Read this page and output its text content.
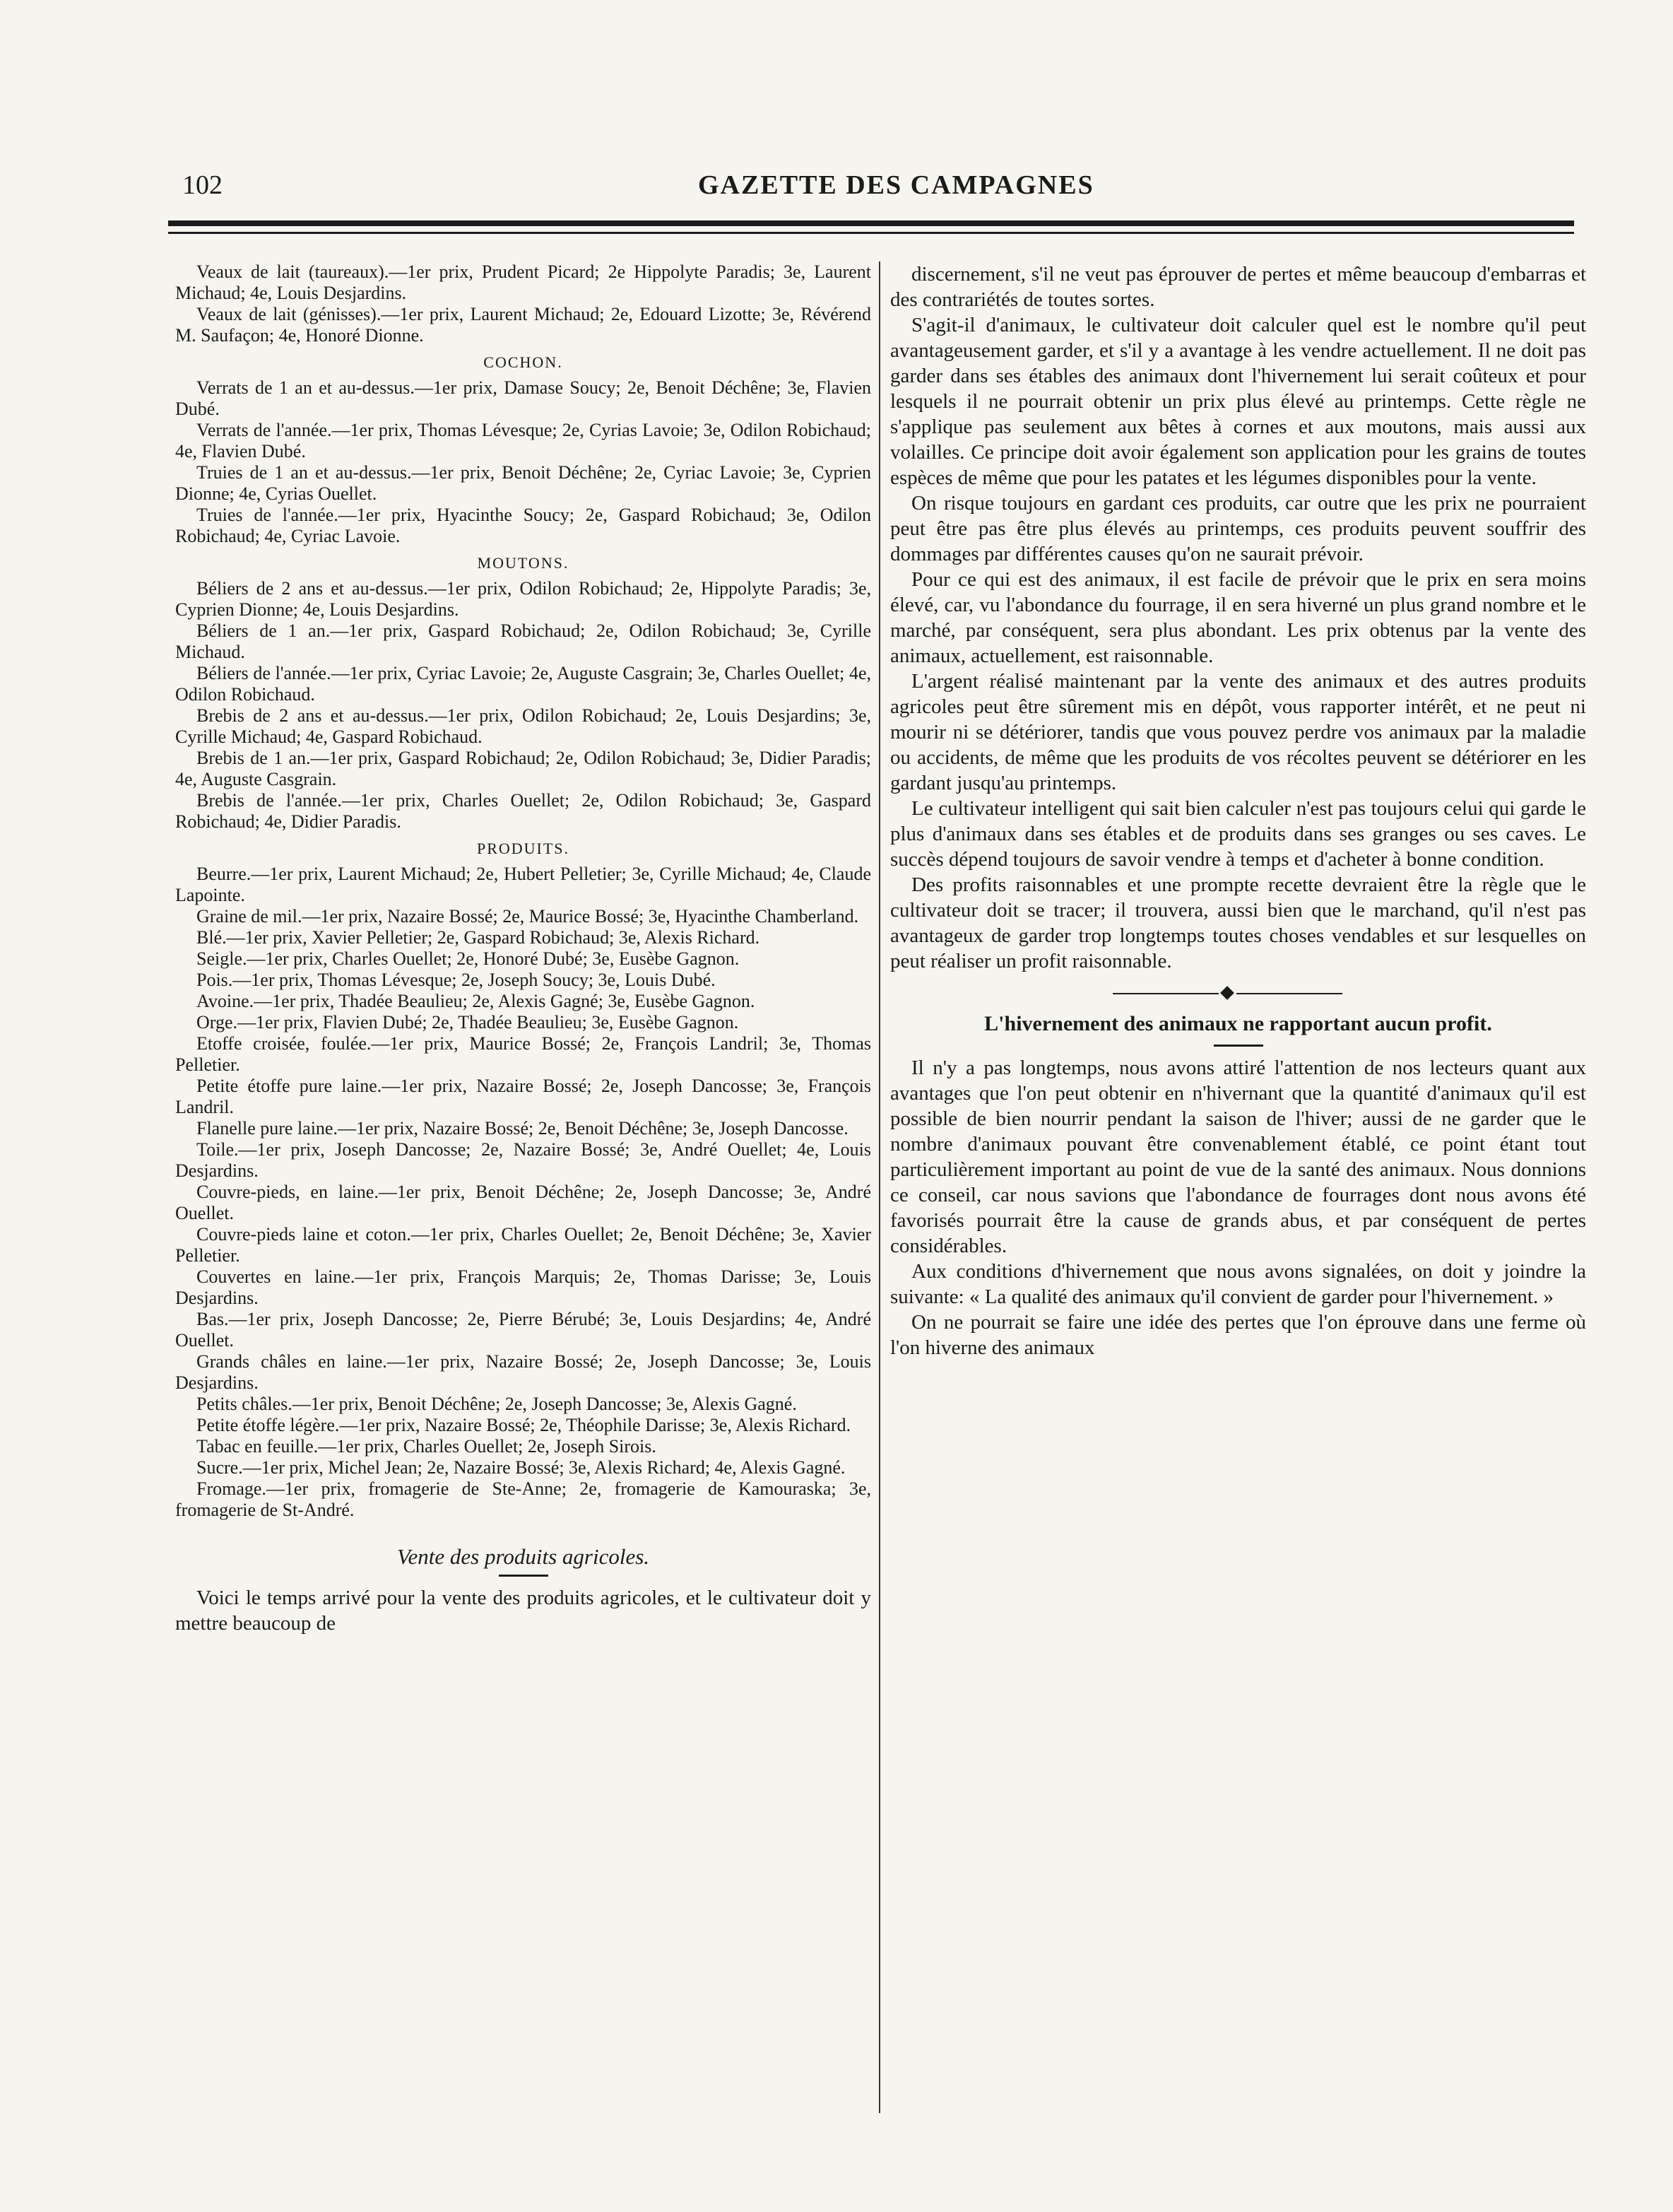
102	GAZETTE DES CAMPAGNES

Veaux de lait (taureaux).—1er prix, Prudent Picard; 2e Hippolyte Paradis; 3e, Laurent Michaud; 4e, Louis Desjardins.

Veaux de lait (génisses).—1er prix, Laurent Michaud; 2e, Edouard Lizotte; 3e, Révérend M. Saufaçon; 4e, Honoré Dionne.

COCHON.

Verrats de 1 an et au-dessus.—1er prix, Damase Soucy; 2e, Benoit Déchêne; 3e, Flavien Dubé.

Verrats de l'année.—1er prix, Thomas Lévesque; 2e, Cyrias Lavoie; 3e, Odilon Robichaud; 4e, Flavien Dubé.

Truies de 1 an et au-dessus.—1er prix, Benoit Déchêne; 2e, Cyriac Lavoie; 3e, Cyprien Dionne; 4e, Cyrias Ouellet.

Truies de l'année.—1er prix, Hyacinthe Soucy; 2e, Gaspard Robichaud; 3e, Odilon Robichaud; 4e, Cyriac Lavoie.

MOUTONS.

Béliers de 2 ans et au-dessus.—1er prix, Odilon Robichaud; 2e, Hippolyte Paradis; 3e, Cyprien Dionne; 4e, Louis Desjardins.

Béliers de 1 an.—1er prix, Gaspard Robichaud; 2e, Odilon Robichaud; 3e, Cyrille Michaud.

Béliers de l'année.—1er prix, Cyriac Lavoie; 2e, Auguste Casgrain; 3e, Charles Ouellet; 4e, Odilon Robichaud.

Brebis de 2 ans et au-dessus.—1er prix, Odilon Robichaud; 2e, Louis Desjardins; 3e, Cyrille Michaud; 4e, Gaspard Robichaud.

Brebis de 1 an.—1er prix, Gaspard Robichaud; 2e, Odilon Robichaud; 3e, Didier Paradis; 4e, Auguste Casgrain.

Brebis de l'année.—1er prix, Charles Ouellet; 2e, Odilon Robichaud; 3e, Gaspard Robichaud; 4e, Didier Paradis.

PRODUITS.

Beurre.—1er prix, Laurent Michaud; 2e, Hubert Pelletier; 3e, Cyrille Michaud; 4e, Claude Lapointe.

Graine de mil.—1er prix, Nazaire Bossé; 2e, Maurice Bossé; 3e, Hyacinthe Chamberland.

Blé.—1er prix, Xavier Pelletier; 2e, Gaspard Robichaud; 3e, Alexis Richard.

Seigle.—1er prix, Charles Ouellet; 2e, Honoré Dubé; 3e, Eusèbe Gagnon.

Pois.—1er prix, Thomas Lévesque; 2e, Joseph Soucy; 3e, Louis Dubé.

Avoine.—1er prix, Thadée Beaulieu; 2e, Alexis Gagné; 3e, Eusèbe Gagnon.

Orge.—1er prix, Flavien Dubé; 2e, Thadée Beaulieu; 3e, Eusèbe Gagnon.

Etoffe croisée, foulée.—1er prix, Maurice Bossé; 2e, François Landril; 3e, Thomas Pelletier.

Petite étoffe pure laine.—1er prix, Nazaire Bossé; 2e, Joseph Dancosse; 3e, François Landril.

Flanelle pure laine.—1er prix, Nazaire Bossé; 2e, Benoit Déchêne; 3e, Joseph Dancosse.

Toile.—1er prix, Joseph Dancosse; 2e, Nazaire Bossé; 3e, André Ouellet; 4e, Louis Desjardins.

Couvre-pieds, en laine.—1er prix, Benoit Déchêne; 2e, Joseph Dancosse; 3e, André Ouellet.

Couvre-pieds laine et coton.—1er prix, Charles Ouellet; 2e, Benoit Déchêne; 3e, Xavier Pelletier.

Couvertes en laine.—1er prix, François Marquis; 2e, Thomas Darisse; 3e, Louis Desjardins.

Bas.—1er prix, Joseph Dancosse; 2e, Pierre Bérubé; 3e, Louis Desjardins; 4e, André Ouellet.

Grands châles en laine.—1er prix, Nazaire Bossé; 2e, Joseph Dancosse; 3e, Louis Desjardins.

Petits châles.—1er prix, Benoit Déchêne; 2e, Joseph Dancosse; 3e, Alexis Gagné.

Petite étoffe légère.—1er prix, Nazaire Bossé; 2e, Théophile Darisse; 3e, Alexis Richard.

Tabac en feuille.—1er prix, Charles Ouellet; 2e, Joseph Sirois.

Sucre.—1er prix, Michel Jean; 2e, Nazaire Bossé; 3e, Alexis Richard; 4e, Alexis Gagné.

Fromage.—1er prix, fromagerie de Ste-Anne; 2e, fromagerie de Kamouraska; 3e, fromagerie de St-André.

Vente des produits agricoles.

Voici le temps arrivé pour la vente des produits agricoles, et le cultivateur doit y mettre beaucoup de

discernement, s'il ne veut pas éprouver de pertes et même beaucoup d'embarras et des contrariétés de toutes sortes.

S'agit-il d'animaux, le cultivateur doit calculer quel est le nombre qu'il peut avantageusement garder, et s'il y a avantage à les vendre actuellement. Il ne doit pas garder dans ses étables des animaux dont l'hivernement lui serait coûteux et pour lesquels il ne pourrait obtenir un prix plus élevé au printemps. Cette règle ne s'applique pas seulement aux bêtes à cornes et aux moutons, mais aussi aux volailles. Ce principe doit avoir également son application pour les grains de toutes espèces de même que pour les patates et les légumes disponibles pour la vente.

On risque toujours en gardant ces produits, car outre que les prix ne pourraient peut être pas être plus élevés au printemps, ces produits peuvent souffrir des dommages par différentes causes qu'on ne saurait prévoir.

Pour ce qui est des animaux, il est facile de prévoir que le prix en sera moins élevé, car, vu l'abondance du fourrage, il en sera hiverné un plus grand nombre et le marché, par conséquent, sera plus abondant. Les prix obtenus par la vente des animaux, actuellement, est raisonnable.

L'argent réalisé maintenant par la vente des animaux et des autres produits agricoles peut être sûrement mis en dépôt, vous rapporter intérêt, et ne peut ni mourir ni se détériorer, tandis que vous pouvez perdre vos animaux par la maladie ou accidents, de même que les produits de vos récoltes peuvent se détériorer en les gardant jusqu'au printemps.

Le cultivateur intelligent qui sait bien calculer n'est pas toujours celui qui garde le plus d'animaux dans ses étables et de produits dans ses granges ou ses caves. Le succès dépend toujours de savoir vendre à temps et d'acheter à bonne condition.

Des profits raisonnables et une prompte recette devraient être la règle que le cultivateur doit se tracer; il trouvera, aussi bien que le marchand, qu'il n'est pas avantageux de garder trop longtemps toutes choses vendables et sur lesquelles on peut réaliser un profit raisonnable.

L'hivernement des animaux ne rapportant aucun profit.

Il n'y a pas longtemps, nous avons attiré l'attention de nos lecteurs quant aux avantages que l'on peut obtenir en n'hivernant que la quantité d'animaux qu'il est possible de bien nourrir pendant la saison de l'hiver; aussi de ne garder que le nombre d'animaux pouvant être convenablement établé, ce point étant tout particulièrement important au point de vue de la santé des animaux. Nous donnions ce conseil, car nous savions que l'abondance de fourrages dont nous avons été favorisés pourrait être la cause de grands abus, et par conséquent de pertes considérables.

Aux conditions d'hivernement que nous avons signalées, on doit y joindre la suivante: « La qualité des animaux qu'il convient de garder pour l'hivernement. »

On ne pourrait se faire une idée des pertes que l'on éprouve dans une ferme où l'on hiverne des animaux
